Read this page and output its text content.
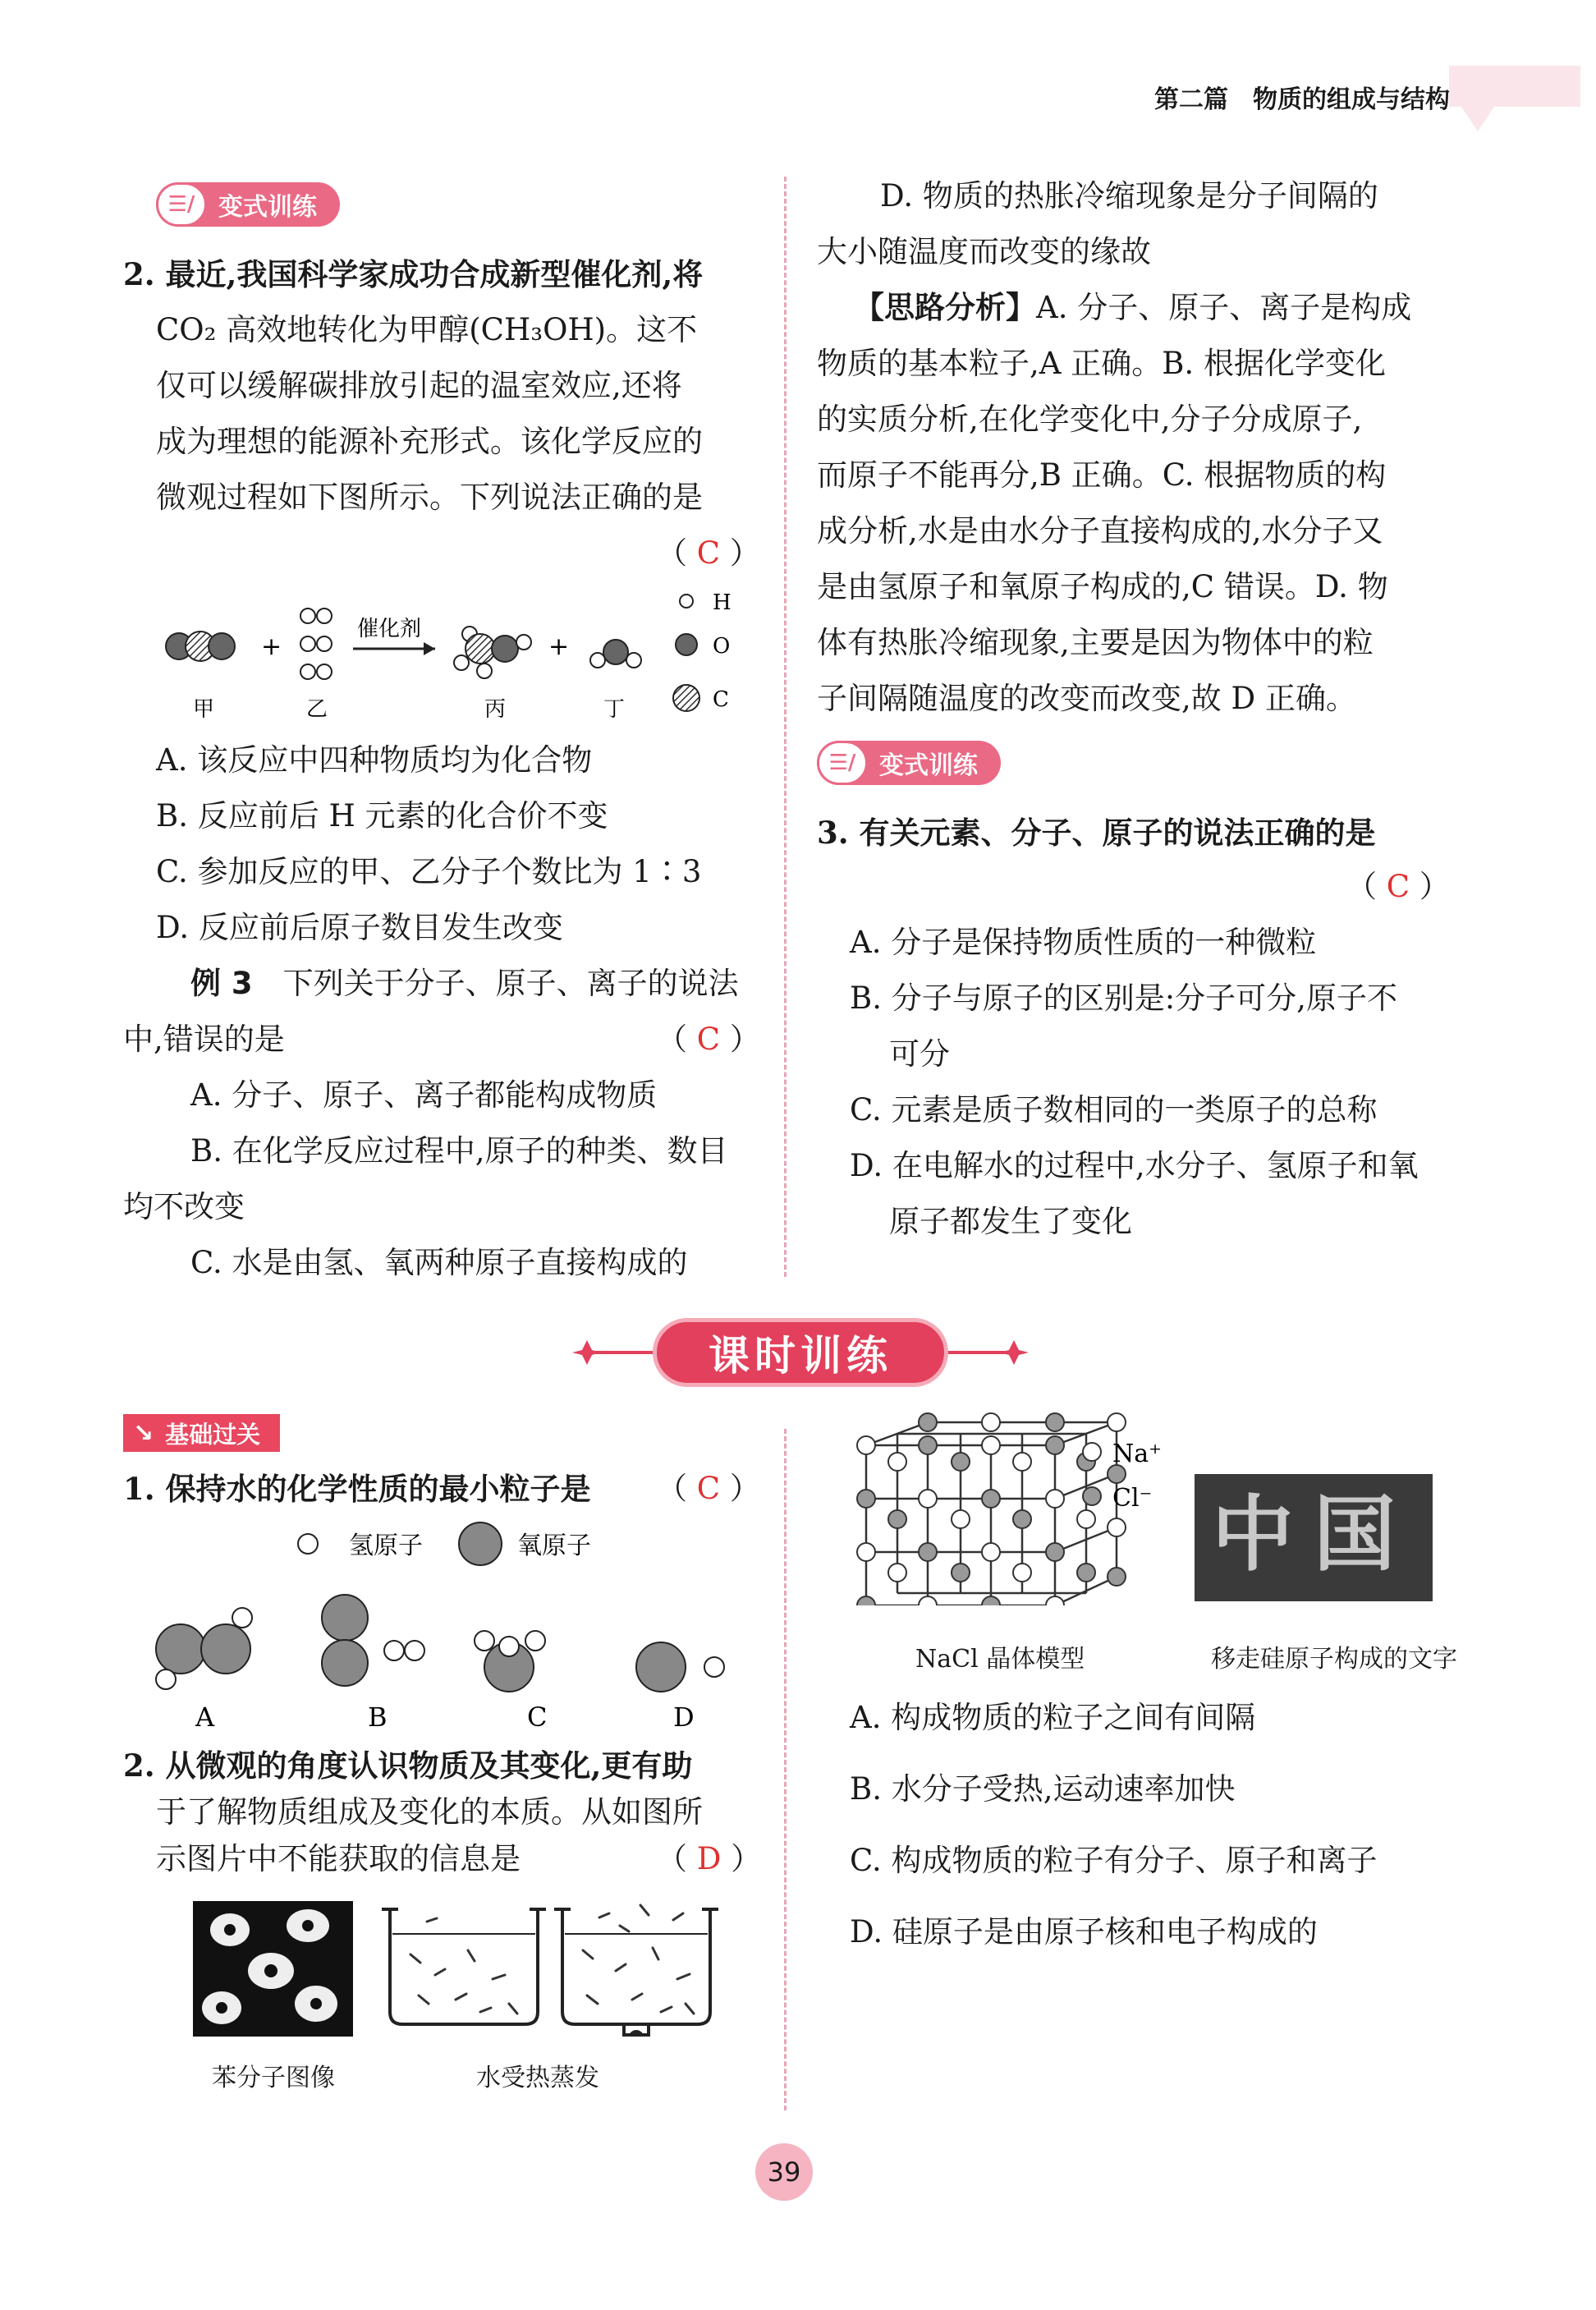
第二篇　物质的组成与结构
☰/ 变式训练
2. 最近,我国科学家成功合成新型催化剂,将
CO₂ 高效地转化为甲醇(CH₃OH)。这不
仅可以缓解碳排放引起的温室效应,还将
成为理想的能源补充形式。该化学反应的
微观过程如下图所示。下列说法正确的是
（ C ）
+
催化剂
+
甲	乙	丙	丁
H
O
C
A. 该反应中四种物质均为化合物
B. 反应前后 H 元素的化合价不变
C. 参加反应的甲、乙分子个数比为 1∶3
D. 反应前后原子数目发生改变
例 3　 下列关于分子、原子、离子的说法
中,错误的是	（ C ）
A. 分子、原子、离子都能构成物质
B. 在化学反应过程中,原子的种类、数目
均不改变
C. 水是由氢、氧两种原子直接构成的
D. 物质的热胀冷缩现象是分子间隔的
大小随温度而改变的缘故
【思路分析】A. 分子、原子、离子是构成
物质的基本粒子,A 正确。B. 根据化学变化
的实质分析,在化学变化中,分子分成原子,
而原子不能再分,B 正确。C. 根据物质的构
成分析,水是由水分子直接构成的,水分子又
是由氢原子和氧原子构成的,C 错误。D. 物
体有热胀冷缩现象,主要是因为物体中的粒
子间隔随温度的改变而改变,故 D 正确。
☰/ 变式训练
3. 有关元素、分子、原子的说法正确的是
（ C ）
A. 分子是保持物质性质的一种微粒
B. 分子与原子的区别是:分子可分,原子不
可分
C. 元素是质子数相同的一类原子的总称
D. 在电解水的过程中,水分子、氢原子和氧
原子都发生了变化
课时训练
↘ 基础过关
1. 保持水的化学性质的最小粒子是 （ C ）
氢原子	氧原子
A	B	C	D
2. 从微观的角度认识物质及其变化,更有助
于了解物质组成及变化的本质。从如图所
示图片中不能获取的信息是	（ D ）
苯分子图像	水受热蒸发
Na⁺
Cl⁻ 中国
NaCl 晶体模型	移走硅原子构成的文字
A. 构成物质的粒子之间有间隔
B. 水分子受热,运动速率加快
C. 构成物质的粒子有分子、原子和离子
D. 硅原子是由原子核和电子构成的
39
